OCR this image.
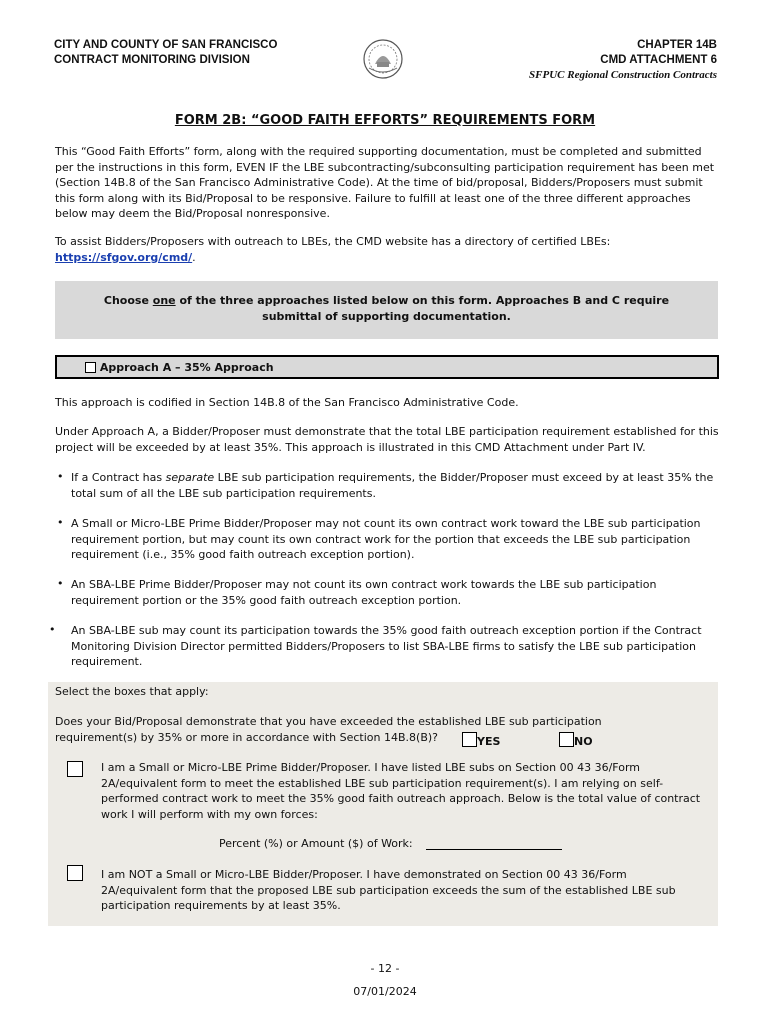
CITY AND COUNTY OF SAN FRANCISCO
CONTRACT MONITORING DIVISION
CHAPTER 14B
CMD ATTACHMENT 6
SFPUC Regional Construction Contracts
FORM 2B: “GOOD FAITH EFFORTS” REQUIREMENTS FORM
This “Good Faith Efforts” form, along with the required supporting documentation, must be completed and submitted per the instructions in this form, EVEN IF the LBE subcontracting/subconsulting participation requirement has been met (Section 14B.8 of the San Francisco Administrative Code). At the time of bid/proposal, Bidders/Proposers must submit this form along with its Bid/Proposal to be responsive. Failure to fulfill at least one of the three different approaches below may deem the Bid/Proposal nonresponsive.
To assist Bidders/Proposers with outreach to LBEs, the CMD website has a directory of certified LBEs:
https://sfgov.org/cmd/.
Choose one of the three approaches listed below on this form. Approaches B and C require submittal of supporting documentation.
Approach A – 35% Approach
This approach is codified in Section 14B.8 of the San Francisco Administrative Code.
Under Approach A, a Bidder/Proposer must demonstrate that the total LBE participation requirement established for this project will be exceeded by at least 35%. This approach is illustrated in this CMD Attachment under Part IV.
• If a Contract has separate LBE sub participation requirements, the Bidder/Proposer must exceed by at least 35% the total sum of all the LBE sub participation requirements.
• A Small or Micro-LBE Prime Bidder/Proposer may not count its own contract work toward the LBE sub participation requirement portion, but may count its own contract work for the portion that exceeds the LBE sub participation requirement (i.e., 35% good faith outreach exception portion).
• An SBA-LBE Prime Bidder/Proposer may not count its own contract work towards the LBE sub participation requirement portion or the 35% good faith outreach exception portion.
• An SBA-LBE sub may count its participation towards the 35% good faith outreach exception portion if the Contract Monitoring Division Director permitted Bidders/Proposers to list SBA-LBE firms to satisfy the LBE sub participation requirement.
Select the boxes that apply:
Does your Bid/Proposal demonstrate that you have exceeded the established LBE sub participation requirement(s) by 35% or more in accordance with Section 14B.8(B)?	YES	NO
I am a Small or Micro-LBE Prime Bidder/Proposer. I have listed LBE subs on Section 00 43 36/Form 2A/equivalent form to meet the established LBE sub participation requirement(s). I am relying on self-performed contract work to meet the 35% good faith outreach approach. Below is the total value of contract work I will perform with my own forces:
Percent (%) or Amount ($) of Work:
I am NOT a Small or Micro-LBE Bidder/Proposer. I have demonstrated on Section 00 43 36/Form 2A/equivalent form that the proposed LBE sub participation exceeds the sum of the established LBE sub participation requirements by at least 35%.
- 12 -
07/01/2024
